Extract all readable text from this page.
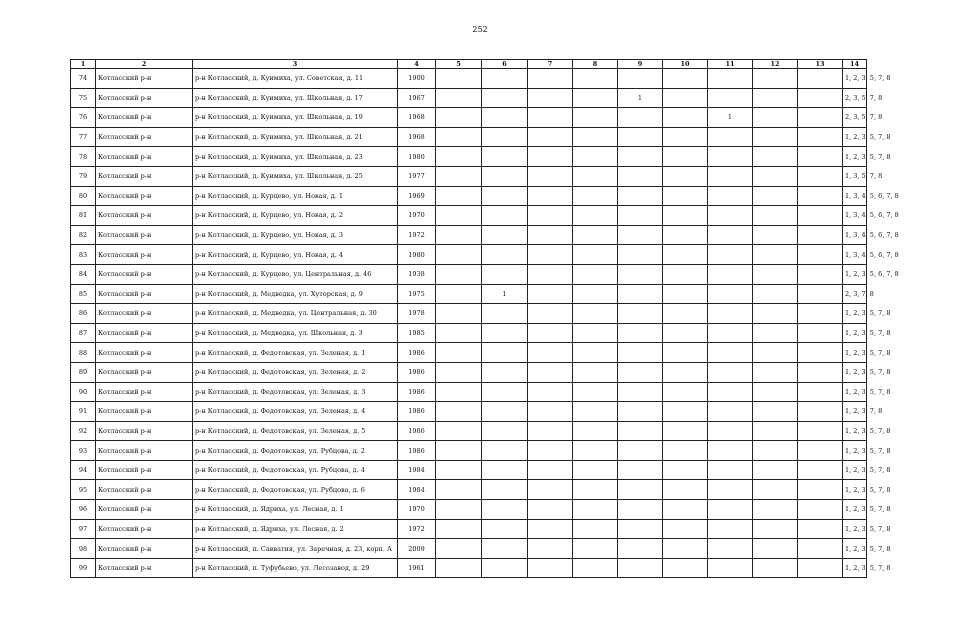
252
1	2	3	4	5	6	7	8	9	10	11	12	13	14
74	Котласский р-н	р-н Котласский, д. Куимиха, ул. Советская, д. 11	1900										1, 2, 3, 5, 7, 8
75	Котласский р-н	р-н Котласский, д. Куимиха, ул. Школьная, д. 17	1967					1					2, 3, 5, 7, 8
76	Котласский р-н	р-н Котласский, д. Куимиха, ул. Школьная, д. 19	1968							1			2, 3, 5, 7, 8
77	Котласский р-н	р-н Котласский, д. Куимиха, ул. Школьная, д. 21	1968										1, 2, 3, 5, 7, 8
78	Котласский р-н	р-н Котласский, д. Куимиха, ул. Школьная, д. 23	1980										1, 2, 3, 5, 7, 8
79	Котласский р-н	р-н Котласский, д. Куимиха, ул. Школьная, д. 25	1977										1, 3, 5, 7, 8
80	Котласский р-н	р-н Котласский, д. Курцево, ул. Новая, д. 1	1969										1, 3, 4, 5, 6, 7, 8
81	Котласский р-н	р-н Котласский, д. Курцево, ул. Новая, д. 2	1970										1, 3, 4, 5, 6, 7, 8
82	Котласский р-н	р-н Котласский, д. Курцево, ул. Новая, д. 3	1972										1, 3, 4, 5, 6, 7, 8
83	Котласский р-н	р-н Котласский, д. Курцево, ул. Новая, д. 4	1980										1, 3, 4, 5, 6, 7, 8
84	Котласский р-н	р-н Котласский, д. Курцево, ул. Центральная, д. 46	1938										1, 2, 3, 5, 6, 7, 8
85	Котласский р-н	р-н Котласский, д. Медведка, ул. Хуторская, д. 9	1975		1								2, 3, 7, 8
86	Котласский р-н	р-н Котласский, д. Медведка, ул. Центральная, д. 30	1978										1, 2, 3, 5, 7, 8
87	Котласский р-н	р-н Котласский, д. Медведка, ул. Школьная, д. 3	1985										1, 2, 3, 5, 7, 8
88	Котласский р-н	р-н Котласский, д. Федотовская, ул. Зеленая, д. 1	1986										1, 2, 3, 5, 7, 8
89	Котласский р-н	р-н Котласский, д. Федотовская, ул. Зеленая, д. 2	1986										1, 2, 3, 5, 7, 8
90	Котласский р-н	р-н Котласский, д. Федотовская, ул. Зеленая, д. 3	1986										1, 2, 3, 5, 7, 8
91	Котласский р-н	р-н Котласский, д. Федотовская, ул. Зеленая, д. 4	1986										1, 2, 3, 7, 8
92	Котласский р-н	р-н Котласский, д. Федотовская, ул. Зеленая, д. 5	1986										1, 2, 3, 5, 7, 8
93	Котласский р-н	р-н Котласский, д. Федотовская, ул. Рубцова, д. 2	1986										1, 2, 3, 5, 7, 8
94	Котласский р-н	р-н Котласский, д. Федотовская, ул. Рубцова, д. 4	1984										1, 2, 3, 5, 7, 8
95	Котласский р-н	р-н Котласский, д. Федотовская, ул. Рубцова, д. 6	1984										1, 2, 3, 5, 7, 8
96	Котласский р-н	р-н Котласский, д. Ядриха, ул. Лесная, д. 1	1970										1, 2, 3, 5, 7, 8
97	Котласский р-н	р-н Котласский, д. Ядриха, ул. Лесная, д. 2	1972										1, 2, 3, 5, 7, 8
98	Котласский р-н	р-н Котласский, п. Савватия, ул. Заречная, д. 23, корп. А	2009										1, 2, 3, 5, 7, 8
99	Котласский р-н	р-н Котласский, п. Туфубьево, ул. Лесозавод, д. 29	1961										1, 2, 3, 5, 7, 8
